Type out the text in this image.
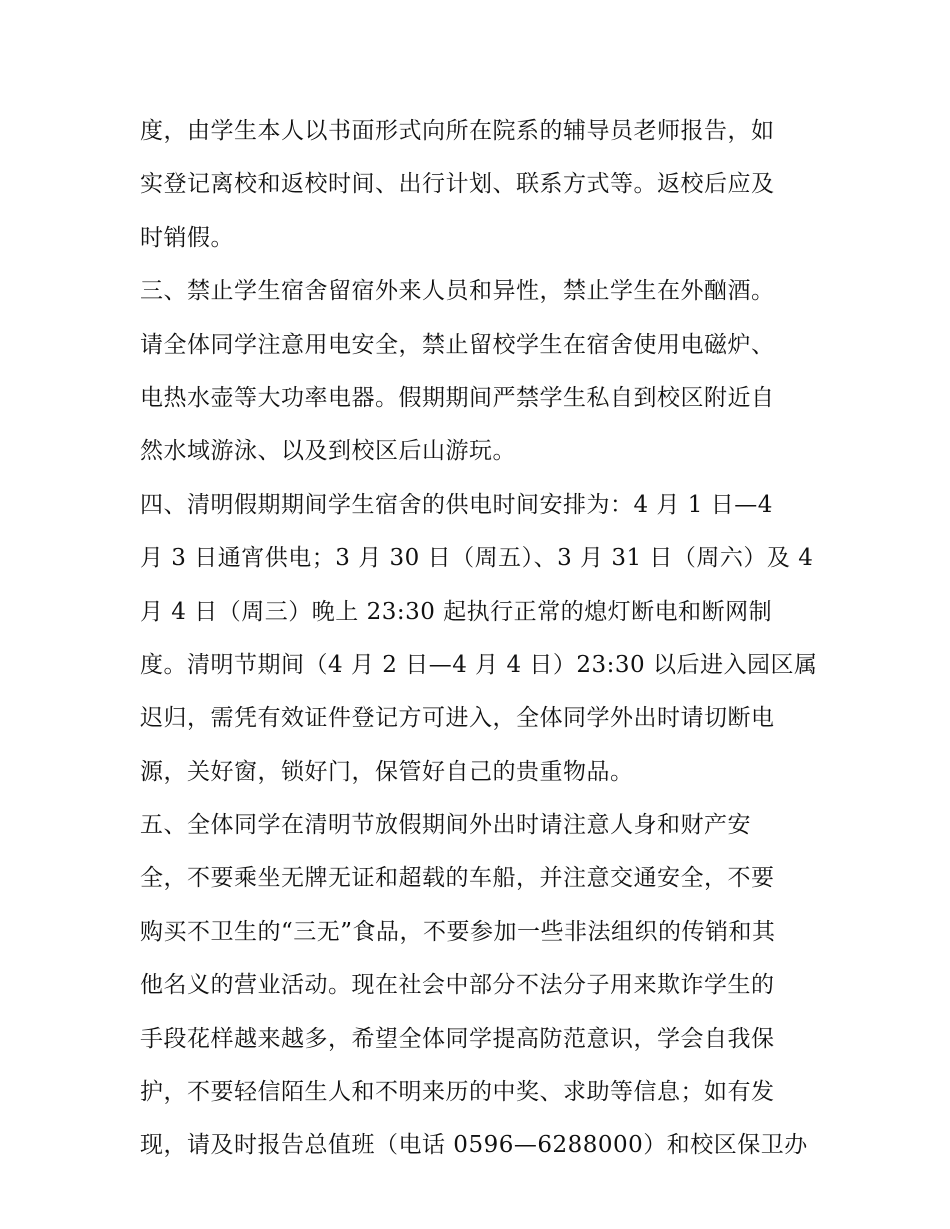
度，由学生本人以书面形式向所在院系的辅导员老师报告，如
实登记离校和返校时间、出行计划、联系方式等。返校后应及
时销假。
三、禁止学生宿舍留宿外来人员和异性，禁止学生在外酗酒。
请全体同学注意用电安全，禁止留校学生在宿舍使用电磁炉、
电热水壶等大功率电器。假期期间严禁学生私自到校区附近自
然水域游泳、以及到校区后山游玩。
四、清明假期期间学生宿舍的供电时间安排为：4 月 1 日—4
月 3 日通宵供电；3 月 30 日（周五）、3 月 31 日（周六）及 4
月 4 日（周三）晚上 23:30 起执行正常的熄灯断电和断网制
度。清明节期间（4 月 2 日—4 月 4 日）23:30 以后进入园区属
迟归，需凭有效证件登记方可进入，全体同学外出时请切断电
源，关好窗，锁好门，保管好自己的贵重物品。
五、全体同学在清明节放假期间外出时请注意人身和财产安
全，不要乘坐无牌无证和超载的车船，并注意交通安全，不要
购买不卫生的“三无”食品，不要参加一些非法组织的传销和其
他名义的营业活动。现在社会中部分不法分子用来欺诈学生的
手段花样越来越多，希望全体同学提高防范意识，学会自我保
护，不要轻信陌生人和不明来历的中奖、求助等信息；如有发
现，请及时报告总值班（电话 0596—6288000）和校区保卫办
